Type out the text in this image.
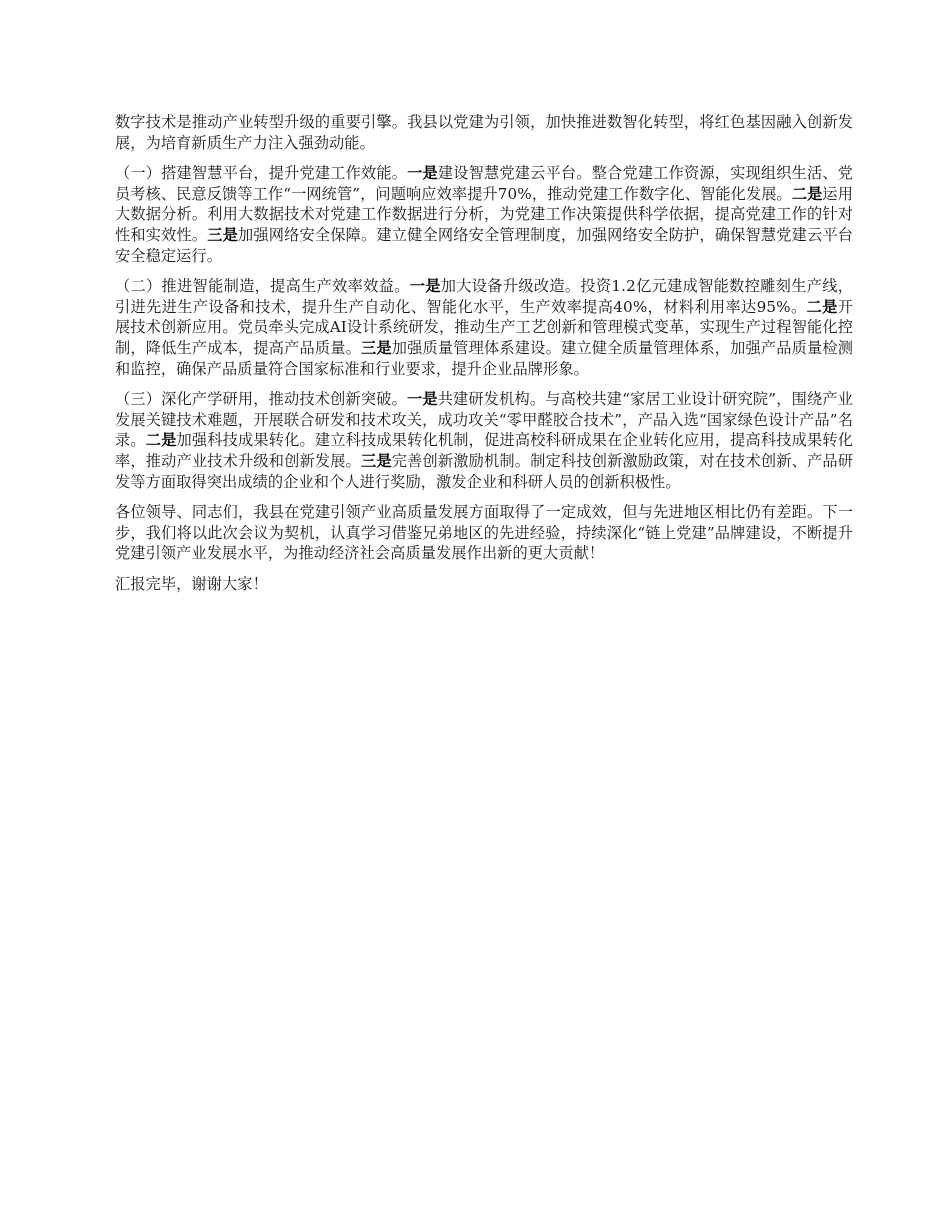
数字技术是推动产业转型升级的重要引擎。我县以党建为引领，加快推进数智化转型，将红色基因融入创新发展，为培育新质生产力注入强劲动能。

（一）搭建智慧平台，提升党建工作效能。一是建设智慧党建云平台。整合党建工作资源，实现组织生活、党员考核、民意反馈等工作“一网统管”，问题响应效率提升70%，推动党建工作数字化、智能化发展。二是运用大数据分析。利用大数据技术对党建工作数据进行分析，为党建工作决策提供科学依据，提高党建工作的针对性和实效性。三是加强网络安全保障。建立健全网络安全管理制度，加强网络安全防护，确保智慧党建云平台安全稳定运行。

（二）推进智能制造，提高生产效率效益。一是加大设备升级改造。投资1.2亿元建成智能数控雕刻生产线，引进先进生产设备和技术，提升生产自动化、智能化水平，生产效率提高40%，材料利用率达95%。二是开展技术创新应用。党员牵头完成AI设计系统研发，推动生产工艺创新和管理模式变革，实现生产过程智能化控制，降低生产成本，提高产品质量。三是加强质量管理体系建设。建立健全质量管理体系，加强产品质量检测和监控，确保产品质量符合国家标准和行业要求，提升企业品牌形象。

（三）深化产学研用，推动技术创新突破。一是共建研发机构。与高校共建“家居工业设计研究院”，围绕产业发展关键技术难题，开展联合研发和技术攻关，成功攻关“零甲醛胶合技术”，产品入选“国家绿色设计产品”名录。二是加强科技成果转化。建立科技成果转化机制，促进高校科研成果在企业转化应用，提高科技成果转化率，推动产业技术升级和创新发展。三是完善创新激励机制。制定科技创新激励政策，对在技术创新、产品研发等方面取得突出成绩的企业和个人进行奖励，激发企业和科研人员的创新积极性。

各位领导、同志们，我县在党建引领产业高质量发展方面取得了一定成效，但与先进地区相比仍有差距。下一步，我们将以此次会议为契机，认真学习借鉴兄弟地区的先进经验，持续深化“链上党建”品牌建设，不断提升党建引领产业发展水平，为推动经济社会高质量发展作出新的更大贡献！

汇报完毕，谢谢大家！
